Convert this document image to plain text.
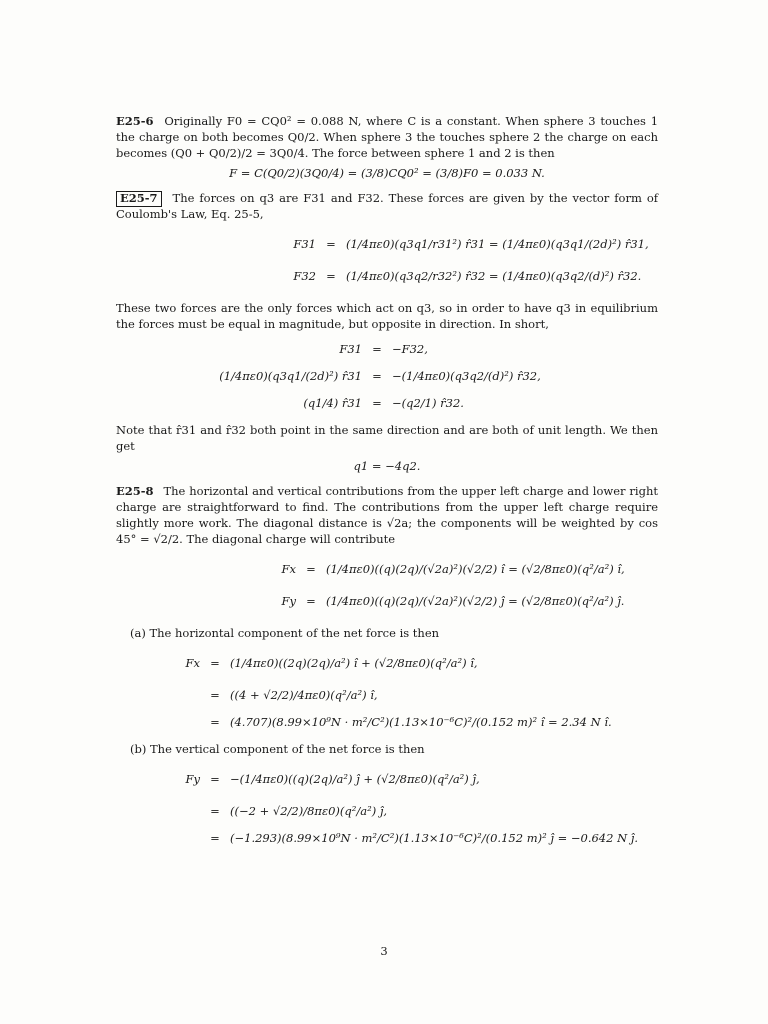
E25-6 Originally F0 = CQ0² = 0.088 N, where C is a constant. When sphere 3 touches 1 the charge on both becomes Q0/2. When sphere 3 the touches sphere 2 the charge on each becomes (Q0 + Q0/2)/2 = 3Q0/4. The force between sphere 1 and 2 is then
F = C(Q0/2)(3Q0/4) = (3/8)CQ0² = (3/8)F0 = 0.033 N.
E25-7 The forces on q3 are F31 and F32. These forces are given by the vector form of Coulomb's Law, Eq. 25-5,
F31 = (1/4πε0)(q3q1/r31²) r̂31 = (1/4πε0)(q3q1/(2d)²) r̂31,
F32 = (1/4πε0)(q3q2/r32²) r̂32 = (1/4πε0)(q3q2/(d)²) r̂32.
These two forces are the only forces which act on q3, so in order to have q3 in equilibrium the forces must be equal in magnitude, but opposite in direction. In short,
F31 = −F32,
(1/4πε0)(q3q1/(2d)²) r̂31 = −(1/4πε0)(q3q2/(d)²) r̂32,
(q1/4) r̂31 = −(q2/1) r̂32.
Note that r̂31 and r̂32 both point in the same direction and are both of unit length. We then get
q1 = −4q2.
E25-8 The horizontal and vertical contributions from the upper left charge and lower right charge are straightforward to find. The contributions from the upper left charge require slightly more work. The diagonal distance is √2a; the components will be weighted by cos 45° = √2/2. The diagonal charge will contribute
Fx = (1/4πε0)((q)(2q)/(√2a)²)(√2/2) î = (√2/8πε0)(q²/a²) î,
Fy = (1/4πε0)((q)(2q)/(√2a)²)(√2/2) ĵ = (√2/8πε0)(q²/a²) ĵ.
(a) The horizontal component of the net force is then
Fx = (1/4πε0)((2q)(2q)/a²) î + (√2/8πε0)(q²/a²) î,
= ((4 + √2/2)/4πε0)(q²/a²) î,
= (4.707)(8.99×10⁹N · m²/C²)(1.13×10⁻⁶C)²/(0.152 m)² î = 2.34 N î.
(b) The vertical component of the net force is then
Fy = −(1/4πε0)((q)(2q)/a²) ĵ + (√2/8πε0)(q²/a²) ĵ,
= ((−2 + √2/2)/8πε0)(q²/a²) ĵ,
= (−1.293)(8.99×10⁹N · m²/C²)(1.13×10⁻⁶C)²/(0.152 m)² ĵ = −0.642 N ĵ.
3
